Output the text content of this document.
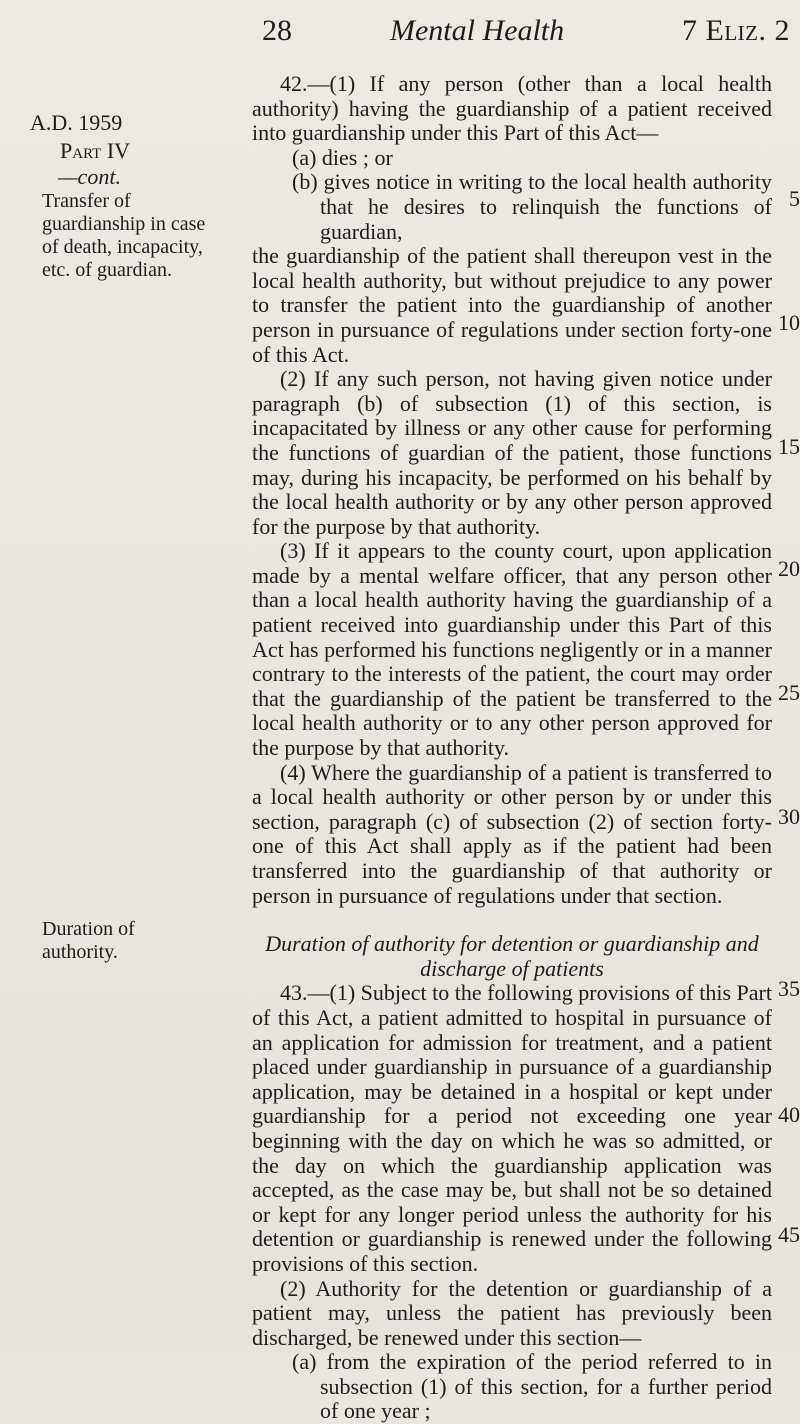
28	Mental Health	7 Eliz. 2
A.D. 1959
Part IV
—cont.
Transfer of guardianship in case of death, incapacity, etc. of guardian.
Duration of authority.

42.—(1) If any person (other than a local health authority) having the guardianship of a patient received into guardianship under this Part of this Act—

(a) dies ; or

(b) gives notice in writing to the local health authority that he desires to relinquish the functions of guardian,

the guardianship of the patient shall thereupon vest in the local health authority, but without prejudice to any power to transfer the patient into the guardianship of another person in pursuance of regulations under section forty-one of this Act.

(2) If any such person, not having given notice under paragraph (b) of subsection (1) of this section, is incapacitated by illness or any other cause for performing the functions of guardian of the patient, those functions may, during his incapacity, be performed on his behalf by the local health authority or by any other person approved for the purpose by that authority.

(3) If it appears to the county court, upon application made by a mental welfare officer, that any person other than a local health authority having the guardianship of a patient received into guardianship under this Part of this Act has performed his functions negligently or in a manner contrary to the interests of the patient, the court may order that the guardianship of the patient be transferred to the local health authority or to any other person approved for the purpose by that authority.

(4) Where the guardianship of a patient is transferred to a local health authority or other person by or under this section, paragraph (c) of subsection (2) of section forty-one of this Act shall apply as if the patient had been transferred into the guardianship of that authority or person in pursuance of regulations under that section.

Duration of authority for detention or guardianship and discharge of patients

43.—(1) Subject to the following provisions of this Part of this Act, a patient admitted to hospital in pursuance of an application for admission for treatment, and a patient placed under guardianship in pursuance of a guardianship application, may be detained in a hospital or kept under guardianship for a period not exceeding one year beginning with the day on which he was so admitted, or the day on which the guardianship application was accepted, as the case may be, but shall not be so detained or kept for any longer period unless the authority for his detention or guardianship is renewed under the following provisions of this section.

(2) Authority for the detention or guardianship of a patient may, unless the patient has previously been discharged, be renewed under this section—

(a) from the expiration of the period referred to in subsection (1) of this section, for a further period of one year ;

5
10
15
20
25
30
35
40
45
